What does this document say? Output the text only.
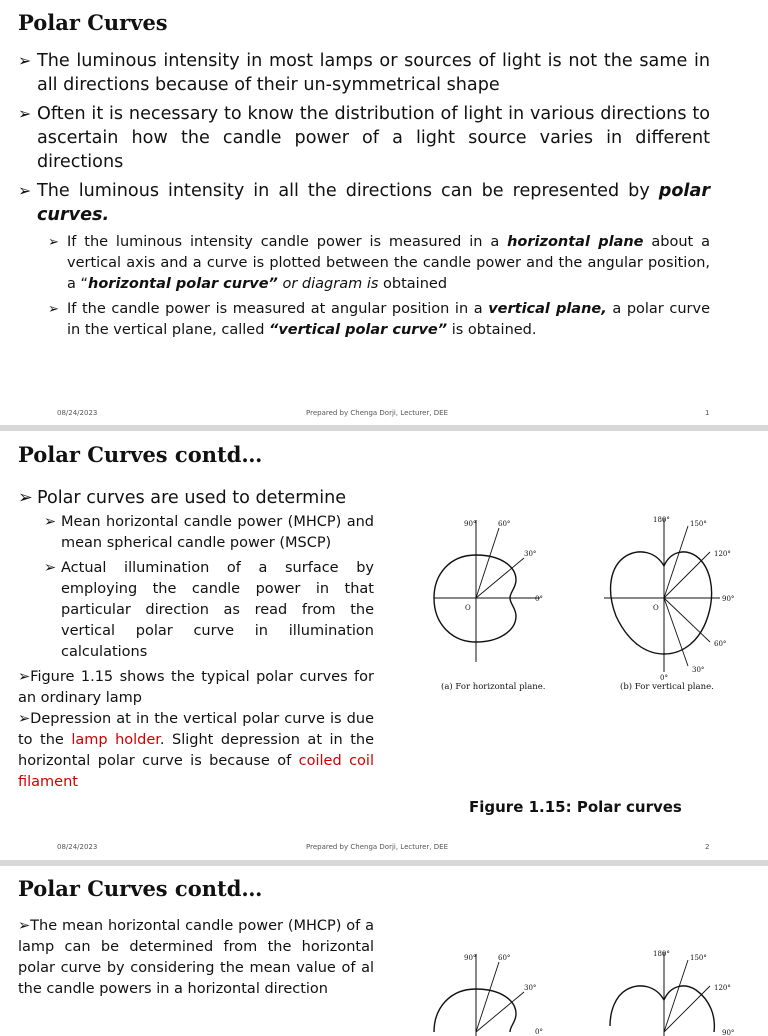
Polar Curves
➢ The luminous intensity in most lamps or sources of light is not the same in all directions because of their un-symmetrical shape
➢ Often it is necessary to know the distribution of light in various directions to ascertain how the candle power of a light source varies in different directions
➢ The luminous intensity in all the directions can be represented by polar curves.
➢ If the luminous intensity candle power is measured in a horizontal plane about a vertical axis and a curve is plotted between the candle power and the angular position, a “horizontal polar curve” or diagram is obtained
➢ If the candle power is measured at angular position in a vertical plane, a polar curve in the vertical plane, called “vertical polar curve” is obtained.
08/24/2023	Prepared by Chenga Dorji, Lecturer, DEE	1
Polar Curves contd…
➢ Polar curves are used to determine
➢ Mean horizontal candle power (MHCP) and mean spherical candle power (MSCP)
➢ Actual illumination of a surface by employing the candle power in that particular direction as read from the vertical polar curve in illumination calculations
➢Figure 1.15 shows the typical polar curves for an ordinary lamp
➢Depression at in the vertical polar curve is due to the lamp holder. Slight depression at in the horizontal polar curve is because of coiled coil filament
90°	60°
30°
0°
O
180°	150°
120°
90°
60°
30°
0°
O
(a) For horizontal plane.	(b) For vertical plane.
Figure 1.15: Polar curves
08/24/2023	Prepared by Chenga Dorji, Lecturer, DEE	2
Polar Curves contd…
➢The mean horizontal candle power (MHCP) of a lamp can be determined from the horizontal polar curve by considering the mean value of al the candle powers in a horizontal direction
90°	60°
30°
0°
180°	150°
120°
90°
